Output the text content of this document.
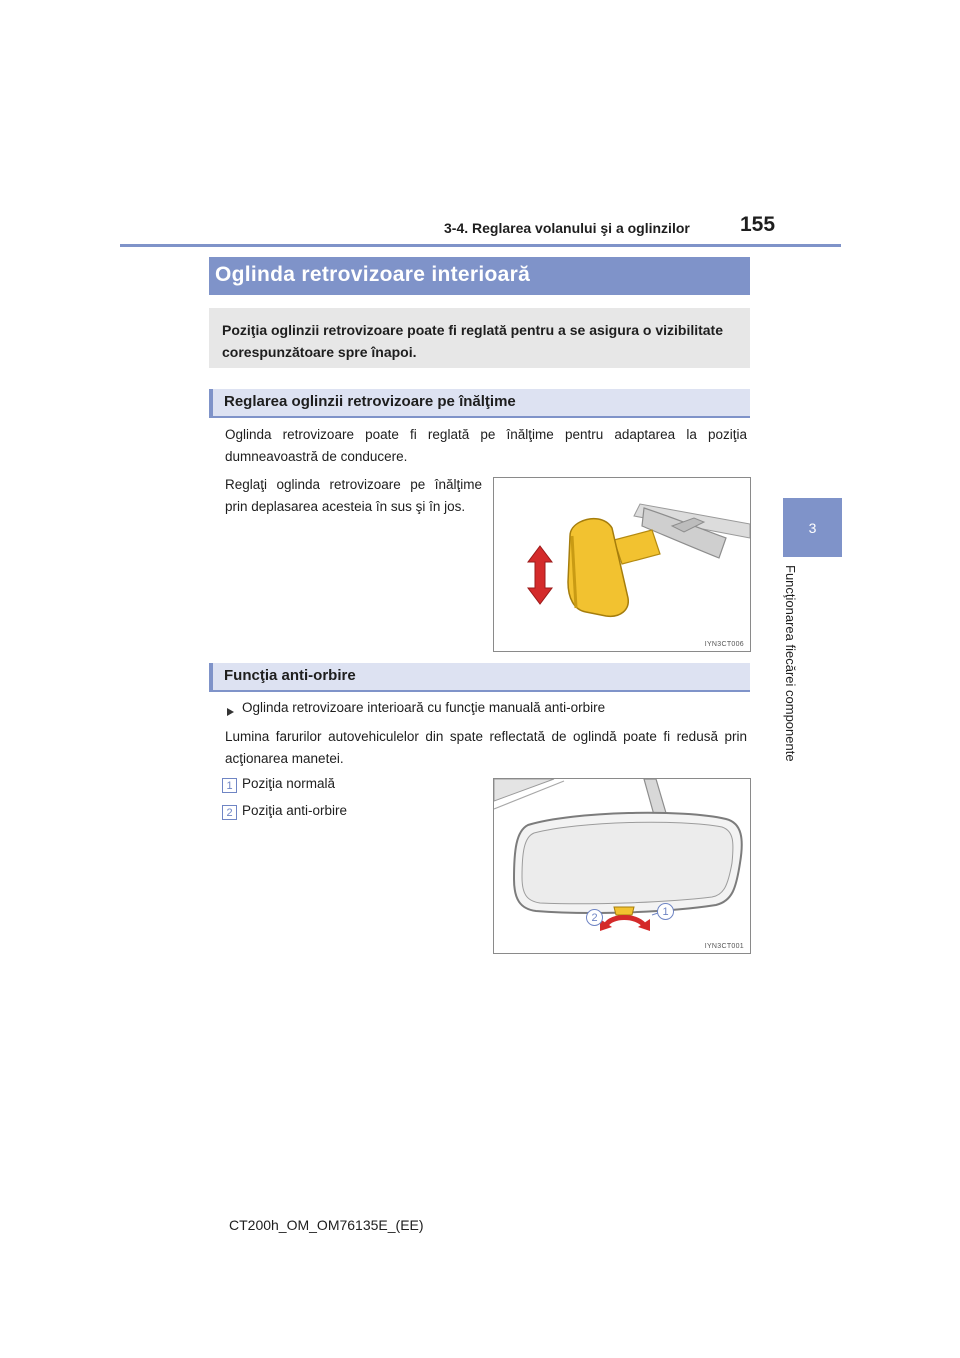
3-4. Reglarea volanului şi a oglinzilor 155
3
Funcţionarea fiecărei componente
Oglinda retrovizoare interioară
Poziţia oglinzii retrovizoare poate fi reglată pentru a se asigura o vizibilitate corespunzătoare spre înapoi.
Reglarea oglinzii retrovizoare pe înălţime
Oglinda retrovizoare poate fi reglată pe înălţime pentru adaptarea la poziţia dumneavoastră de conducere.
Reglaţi oglinda retrovizoare pe înălţime prin deplasarea acesteia în sus şi în jos.
IYN3CT006
Funcţia anti-orbire
Oglinda retrovizoare interioară cu funcţie manuală anti-orbire
Lumina farurilor autovehiculelor din spate reflectată de oglindă poate fi redusă prin acţionarea manetei.
1 Poziţia normală
2 Poziţia anti-orbire
2	1
IYN3CT001
CT200h_OM_OM76135E_(EE)
